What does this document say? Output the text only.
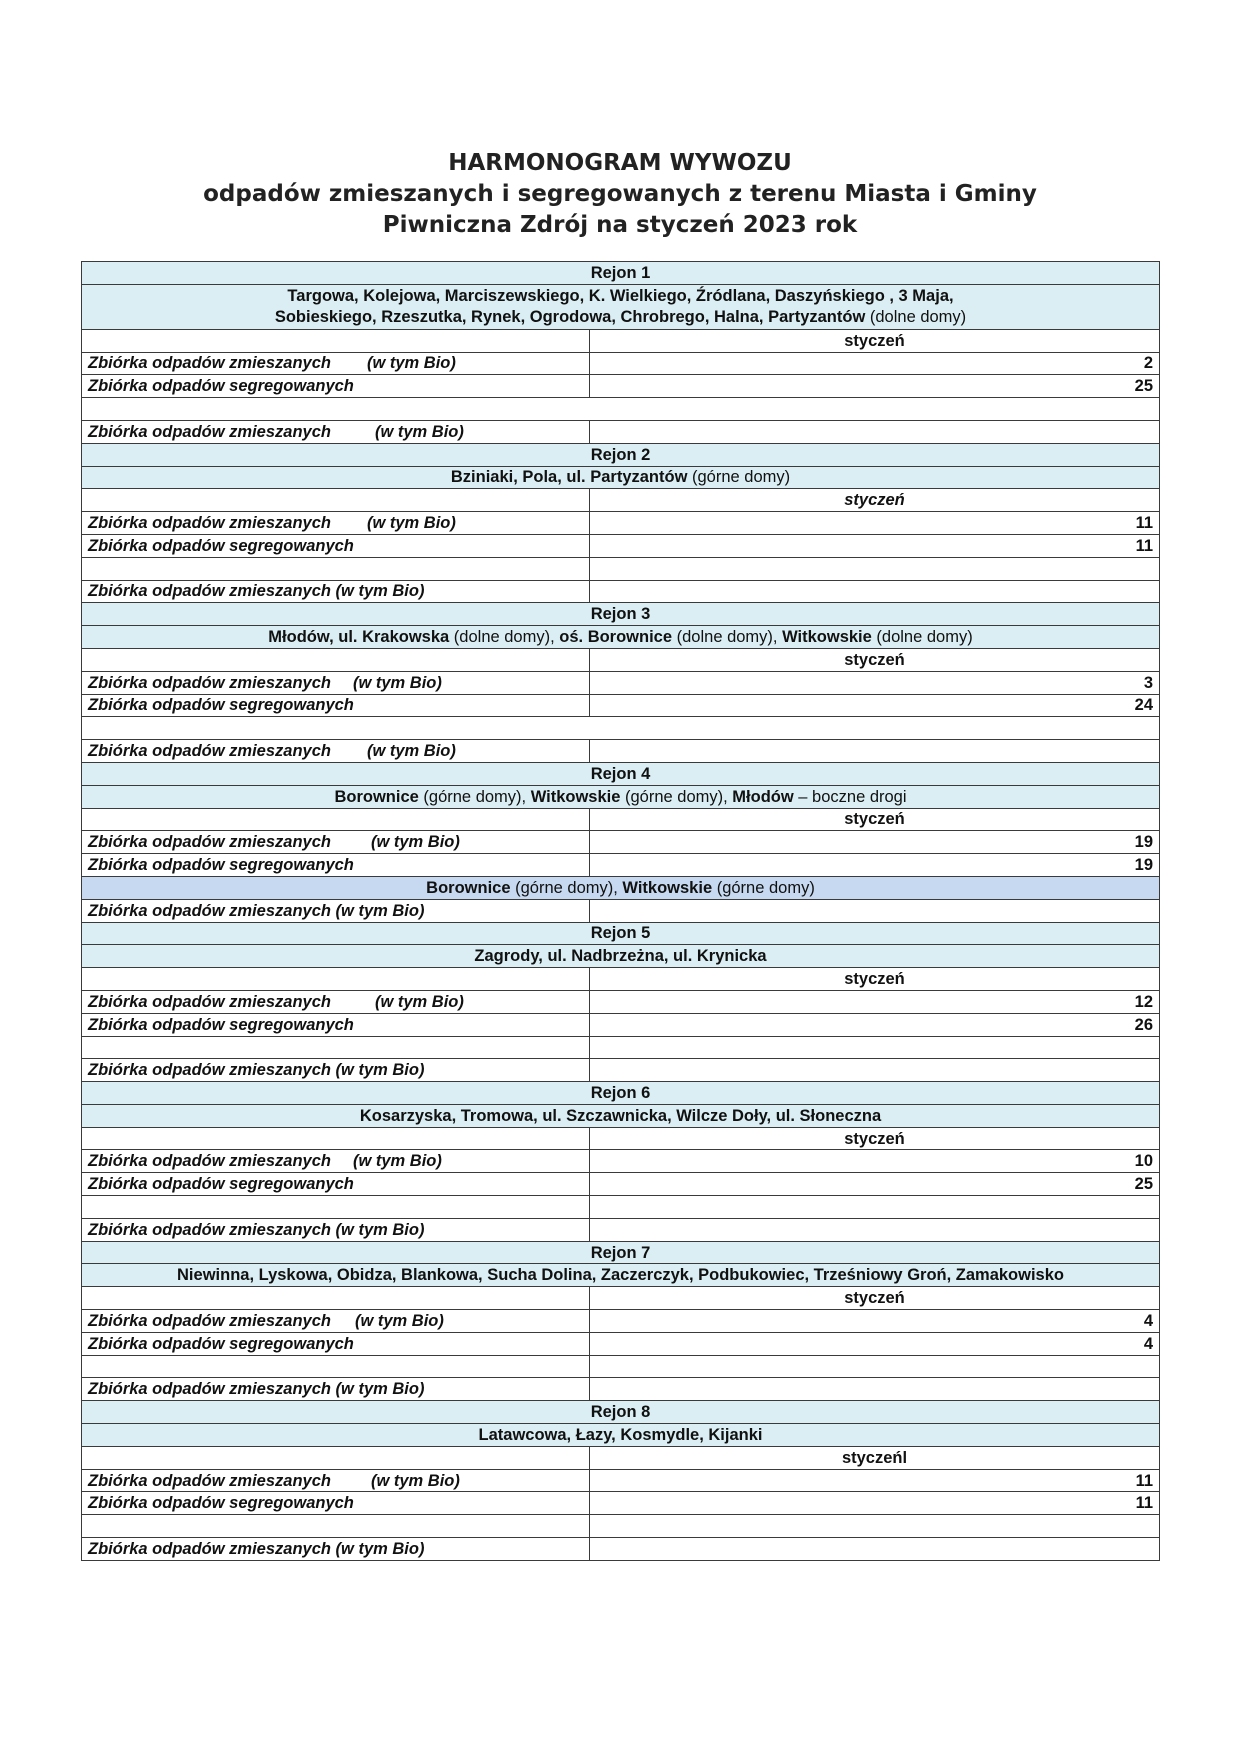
HARMONOGRAM WYWOZU
odpadów zmieszanych i segregowanych z terenu Miasta i Gminy
Piwniczna Zdrój na styczeń 2023 rok
Rejon 1	
Targowa, Kolejowa, Marciszewskiego, K. Wielkiego, Źródlana, Daszyńskiego , 3 Maja,
Sobieskiego, Rzeszutka, Rynek, Ogrodowa, Chrobrego, Halna, Partyzantów (dolne domy)	
	styczeń
Zbiórka odpadów zmieszanych (w tym Bio)	2
Zbiórka odpadów segregowanych	25

Zbiórka odpadów zmieszanych (w tym Bio)	
Rejon 2	
Bziniaki, Pola, ul. Partyzantów (górne domy)	
	styczeń
Zbiórka odpadów zmieszanych (w tym Bio)	11
Zbiórka odpadów segregowanych	11

Zbiórka odpadów zmieszanych (w tym Bio)	
Rejon 3	
Młodów, ul. Krakowska (dolne domy), oś. Borownice (dolne domy), Witkowskie (dolne domy)	
	styczeń
Zbiórka odpadów zmieszanych (w tym Bio)	3
Zbiórka odpadów segregowanych	24

Zbiórka odpadów zmieszanych (w tym Bio)	
Rejon 4	
Borownice (górne domy), Witkowskie (górne domy), Młodów – boczne drogi	
	styczeń
Zbiórka odpadów zmieszanych (w tym Bio)	19
Zbiórka odpadów segregowanych	19
Borownice (górne domy), Witkowskie (górne domy)	
Zbiórka odpadów zmieszanych (w tym Bio)	
Rejon 5	
Zagrody, ul. Nadbrzeżna, ul. Krynicka	
	styczeń
Zbiórka odpadów zmieszanych (w tym Bio)	12
Zbiórka odpadów segregowanych	26

Zbiórka odpadów zmieszanych (w tym Bio)	
Rejon 6	
Kosarzyska, Tromowa, ul. Szczawnicka, Wilcze Doły, ul. Słoneczna	
	styczeń
Zbiórka odpadów zmieszanych (w tym Bio)	10
Zbiórka odpadów segregowanych	25

Zbiórka odpadów zmieszanych (w tym Bio)	
Rejon 7	
Niewinna, Lyskowa, Obidza, Blankowa, Sucha Dolina, Zaczerczyk, Podbukowiec, Trześniowy Groń, Zamakowisko	
	styczeń
Zbiórka odpadów zmieszanych (w tym Bio)	4
Zbiórka odpadów segregowanych	4

Zbiórka odpadów zmieszanych (w tym Bio)	
Rejon 8	
Latawcowa, Łazy, Kosmydle, Kijanki	
	styczeńl
Zbiórka odpadów zmieszanych (w tym Bio)	11
Zbiórka odpadów segregowanych	11

Zbiórka odpadów zmieszanych (w tym Bio)	
